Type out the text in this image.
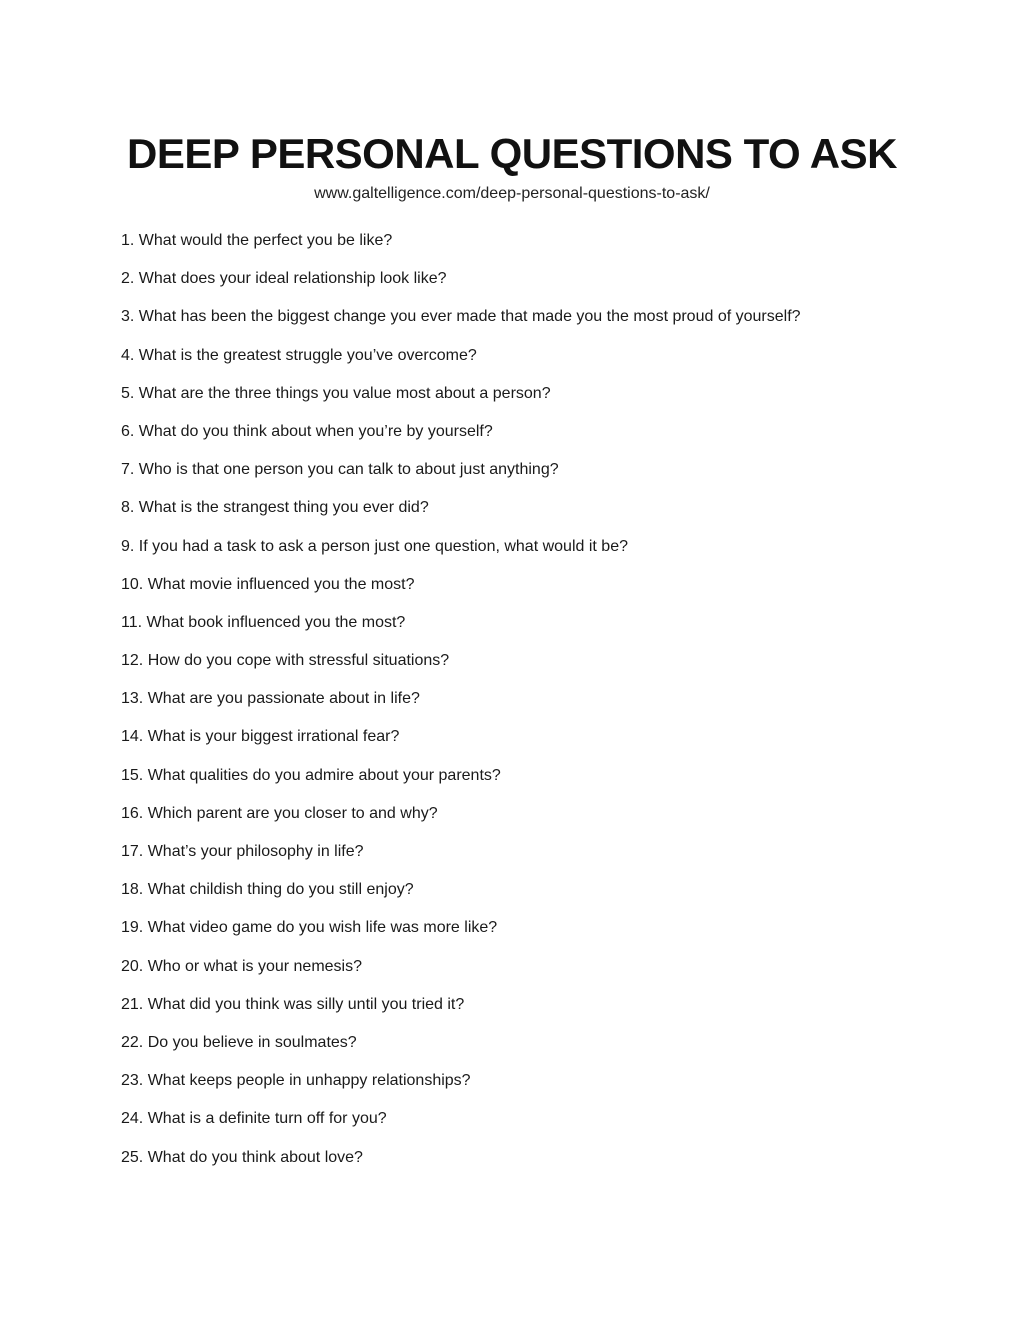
DEEP PERSONAL QUESTIONS TO ASK
www.galtelligence.com/deep-personal-questions-to-ask/
1. What would the perfect you be like?
2. What does your ideal relationship look like?
3. What has been the biggest change you ever made that made you the most proud of yourself?
4. What is the greatest struggle you’ve overcome?
5. What are the three things you value most about a person?
6. What do you think about when you’re by yourself?
7. Who is that one person you can talk to about just anything?
8. What is the strangest thing you ever did?
9. If you had a task to ask a person just one question, what would it be?
10. What movie influenced you the most?
11. What book influenced you the most?
12. How do you cope with stressful situations?
13. What are you passionate about in life?
14. What is your biggest irrational fear?
15. What qualities do you admire about your parents?
16. Which parent are you closer to and why?
17. What’s your philosophy in life?
18. What childish thing do you still enjoy?
19. What video game do you wish life was more like?
20. Who or what is your nemesis?
21. What did you think was silly until you tried it?
22. Do you believe in soulmates?
23. What keeps people in unhappy relationships?
24. What is a definite turn off for you?
25. What do you think about love?
